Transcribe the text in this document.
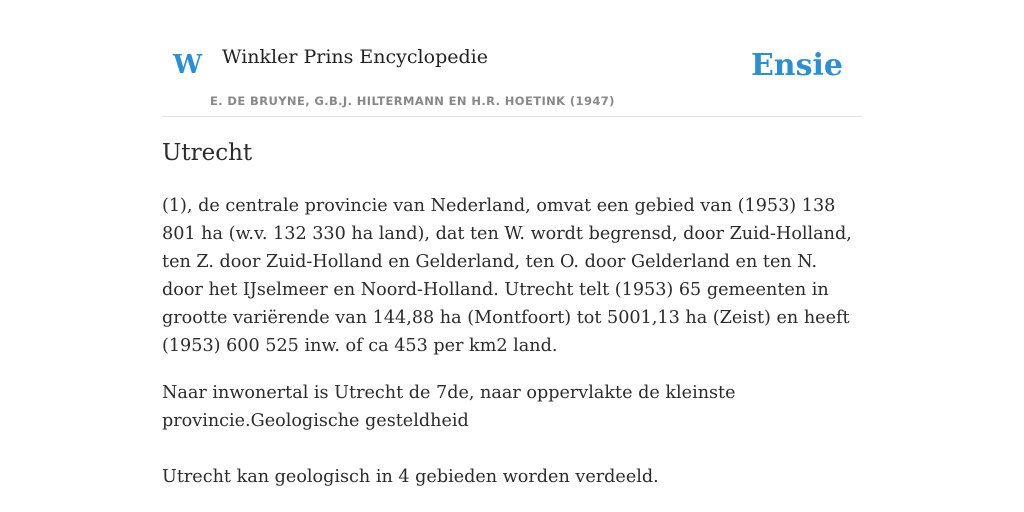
W Winkler Prins Encyclopedie
E. DE BRUYNE, G.B.J. HILTERMANN EN H.R. HOETINK (1947)
Ensie
Utrecht

(1), de centrale provincie van Nederland, omvat een gebied van (1953) 138 801 ha (w.v. 132 330 ha land), dat ten W. wordt begrensd, door Zuid-Holland, ten Z. door Zuid-Holland en Gelderland, ten O. door Gelderland en ten N. door het IJselmeer en Noord-Holland. Utrecht telt (1953) 65 gemeenten in grootte variërende van 144,88 ha (Montfoort) tot 5001,13 ha (Zeist) en heeft (1953) 600 525 inw. of ca 453 per km2 land.

Naar inwonertal is Utrecht de 7de, naar oppervlakte de kleinste provincie.Geologische gesteldheid

Utrecht kan geologisch in 4 gebieden worden verdeeld.
